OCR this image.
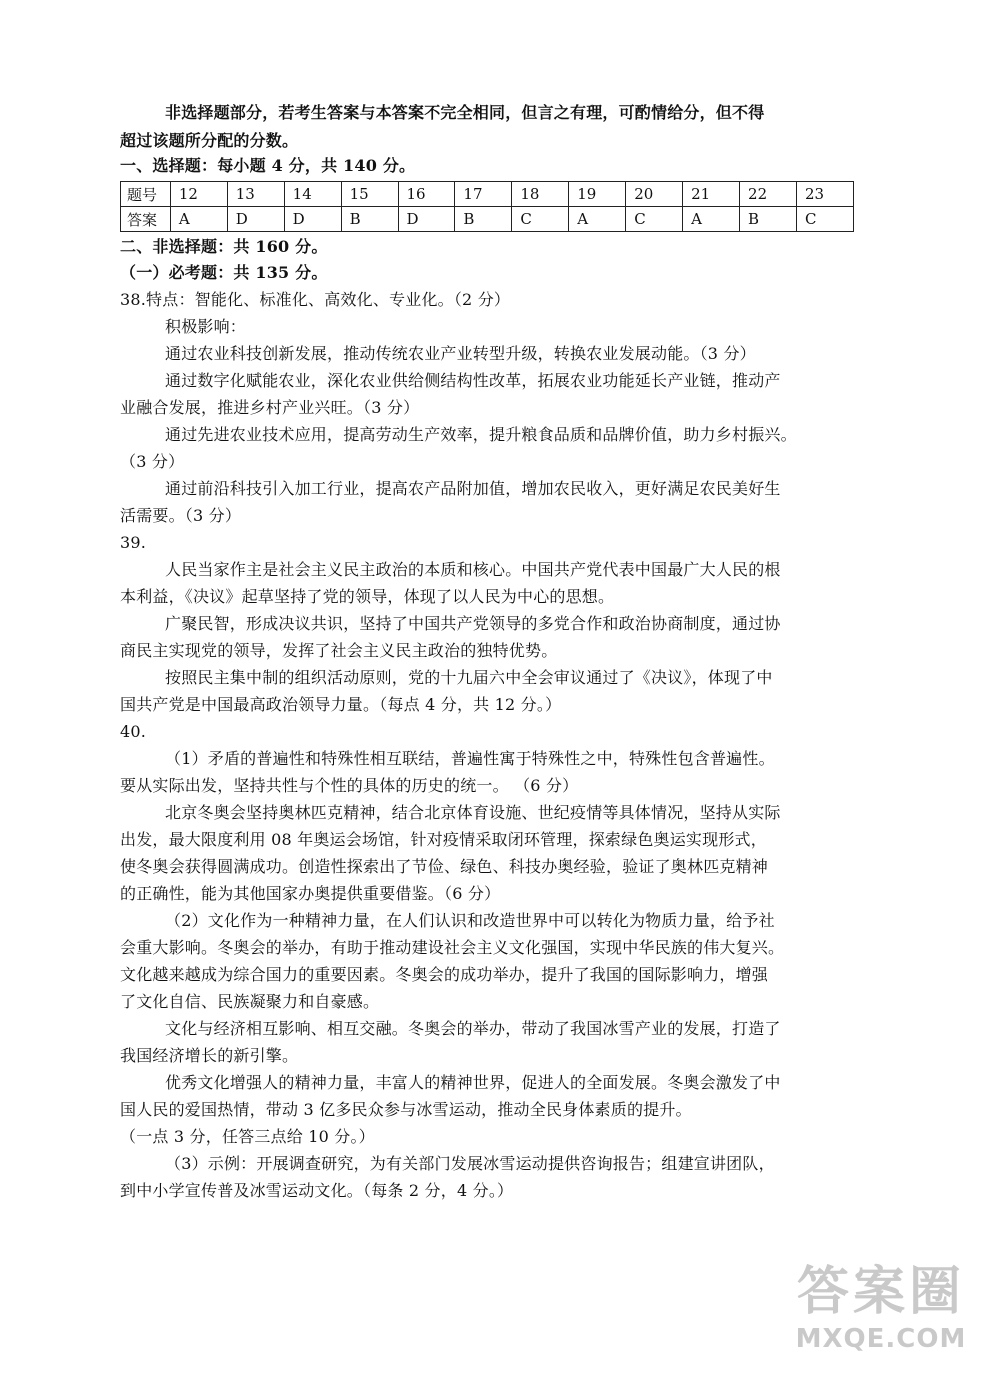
非选择题部分，若考生答案与本答案不完全相同，但言之有理，可酌情给分，但不得
超过该题所分配的分数。
一、选择题：每小题 4 分，共 140 分。
题号	12	13	14	15	16	17	18	19	20	21	22	23
答案	A	D	D	B	D	B	C	A	C	A	B	C
二、非选择题：共 160 分。
（一）必考题：共 135 分。
38.特点：智能化、标准化、高效化、专业化。（2 分）
积极影响：
通过农业科技创新发展，推动传统农业产业转型升级，转换农业发展动能。（3 分）
通过数字化赋能农业，深化农业供给侧结构性改革，拓展农业功能延长产业链，推动产
业融合发展，推进乡村产业兴旺。（3 分）
通过先进农业技术应用，提高劳动生产效率，提升粮食品质和品牌价值，助力乡村振兴。
（3 分）
通过前沿科技引入加工行业，提高农产品附加值，增加农民收入，更好满足农民美好生
活需要。（3 分）
39.
人民当家作主是社会主义民主政治的本质和核心。中国共产党代表中国最广大人民的根
本利益，《决议》起草坚持了党的领导，体现了以人民为中心的思想。
广聚民智，形成决议共识，坚持了中国共产党领导的多党合作和政治协商制度，通过协
商民主实现党的领导，发挥了社会主义民主政治的独特优势。
按照民主集中制的组织活动原则，党的十九届六中全会审议通过了《决议》，体现了中
国共产党是中国最高政治领导力量。（每点 4 分，共 12 分。）
40.
（1）矛盾的普遍性和特殊性相互联结，普遍性寓于特殊性之中，特殊性包含普遍性。
要从实际出发，坚持共性与个性的具体的历史的统一。 （6 分）
北京冬奥会坚持奥林匹克精神，结合北京体育设施、世纪疫情等具体情况，坚持从实际
出发，最大限度利用 08 年奥运会场馆，针对疫情采取闭环管理，探索绿色奥运实现形式，
使冬奥会获得圆满成功。创造性探索出了节俭、绿色、科技办奥经验，验证了奥林匹克精神
的正确性，能为其他国家办奥提供重要借鉴。（6 分）
（2）文化作为一种精神力量，在人们认识和改造世界中可以转化为物质力量，给予社
会重大影响。冬奥会的举办，有助于推动建设社会主义文化强国，实现中华民族的伟大复兴。
文化越来越成为综合国力的重要因素。冬奥会的成功举办，提升了我国的国际影响力，增强
了文化自信、民族凝聚力和自豪感。
文化与经济相互影响、相互交融。冬奥会的举办，带动了我国冰雪产业的发展，打造了
我国经济增长的新引擎。
优秀文化增强人的精神力量，丰富人的精神世界，促进人的全面发展。冬奥会激发了中
国人民的爱国热情，带动 3 亿多民众参与冰雪运动，推动全民身体素质的提升。
（一点 3 分，任答三点给 10 分。）
（3）示例：开展调查研究，为有关部门发展冰雪运动提供咨询报告；组建宣讲团队，
到中小学宣传普及冰雪运动文化。（每条 2 分，4 分。）
答案圈
MXQE.COM
